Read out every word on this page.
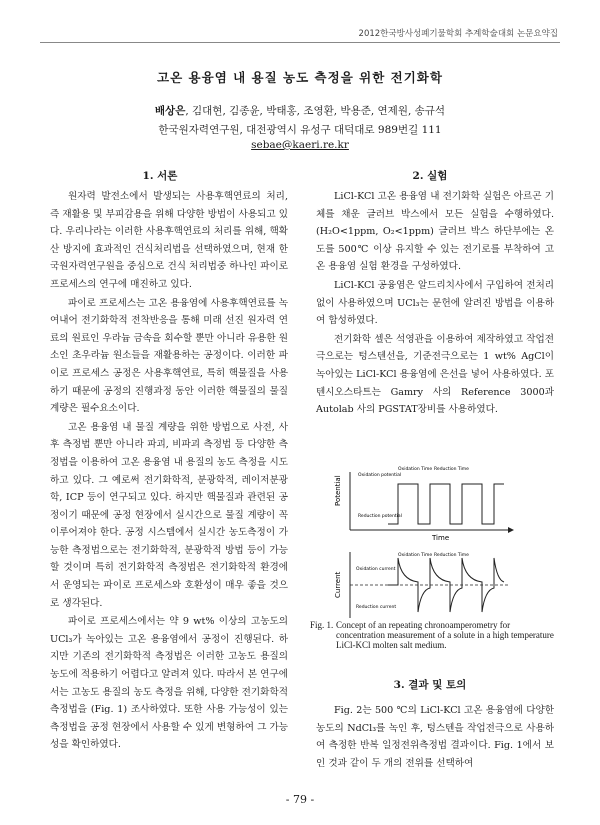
2012한국방사성폐기물학회 추계학술대회 논문요약집
고온 용융염 내 용질 농도 측정을 위한 전기화학
배상은, 김대현, 김종윤, 박태홍, 조영환, 박용준, 연제원, 송규석
한국원자력연구원, 대전광역시 유성구 대덕대로 989번길 111
sebae@kaeri.re.kr
1. 서론

원자력 발전소에서 발생되는 사용후핵연료의 처리, 즉 재활용 및 부피감용을 위해 다양한 방법이 사용되고 있다. 우리나라는 이러한 사용후핵연료의 처리를 위해, 핵확산 방지에 효과적인 건식처리법을 선택하였으며, 현재 한국원자력연구원을 중심으로 건식 처리법중 하나인 파이로 프로세스의 연구에 매진하고 있다.

파이로 프로세스는 고온 용융염에 사용후핵연료를 녹여내어 전기화학적 전착반응을 통해 미래 선진 원자력 연료의 원료인 우라늄 금속을 회수할 뿐만 아니라 유용한 원소인 초우라늄 원소들을 재활용하는 공정이다. 이러한 파이로 프로세스 공정은 사용후핵연료, 특히 핵물질을 사용하기 때문에 공정의 진행과정 동안 이러한 핵물질의 물질 계량은 필수요소이다.

고온 용융염 내 물질 계량을 위한 방법으로 사전, 사후 측정법 뿐만 아니라 파괴, 비파괴 측정법 등 다양한 측정법을 이용하여 고온 용융염 내 용질의 농도 측정을 시도하고 있다. 그 예로써 전기화학적, 분광학적, 레이저분광학, ICP 등이 연구되고 있다. 하지만 핵물질과 관련된 공정이기 때문에 공정 현장에서 실시간으로 물질 계량이 꼭 이루어져야 한다. 공정 시스템에서 실시간 농도측정이 가능한 측정법으로는 전기화학적, 분광학적 방법 등이 가능할 것이며 특히 전기화학적 측정법은 전기화학적 환경에서 운영되는 파이로 프로세스와 호환성이 매우 좋을 것으로 생각된다.

파이로 프로세스에서는 약 9 wt% 이상의 고농도의 UCl₃가 녹아있는 고온 용융염에서 공정이 진행된다. 하지만 기존의 전기화학적 측정법은 이러한 고농도 용질의 농도에 적용하기 어렵다고 알려져 있다. 따라서 본 연구에서는 고농도 용질의 농도 측정을 위해, 다양한 전기화학적 측정법을 (Fig. 1) 조사하였다. 또한 사용 가능성이 있는 측정법을 공정 현장에서 사용할 수 있게 변형하여 그 가능성을 확인하였다.

2. 실험

LiCl-KCl 고온 용융염 내 전기화학 실험은 아르곤 기체를 채운 글러브 박스에서 모든 실험을 수행하였다.(H₂O<1ppm, O₂<1ppm) 글러브 박스 하단부에는 온도를 500℃ 이상 유지할 수 있는 전기로를 부착하여 고온 용융염 실험 환경을 구성하였다.

LiCl-KCl 공융염은 알드리치사에서 구입하여 전처리 없이 사용하였으며 UCl₃는 문헌에 알려진 방법을 이용하여 합성하였다.

전기화학 셀은 석영관을 이용하여 제작하였고 작업전극으로는 텅스텐선을, 기준전극으로는 1 wt% AgCl이 녹아있는 LiCl-KCl 용융염에 은선을 넣어 사용하였다. 포텐시오스타트는 Gamry 사의 Reference 3000과 Autolab 사의 PGSTAT장비를 사용하였다.

Potential	Oxidation potential
Reduction potential
Oxidation Time Reduction Time
Time
Current
Oxidation current
Reduction current
Oxidation Time Reduction Time
Fig. 1. Concept of an repeating chronoamperometry for concentration measurement of a solute in a high temperature LiCl-KCl molten salt medium.
3. 결과 및 토의

Fig. 2는 500 ℃의 LiCl-KCl 고온 용융염에 다양한 농도의 NdCl₃를 녹인 후, 텅스텐을 작업전극으로 사용하여 측정한 반복 일정전위측정법 결과이다. Fig. 1에서 보인 것과 같이 두 개의 전위를 선택하여

- 79 -
